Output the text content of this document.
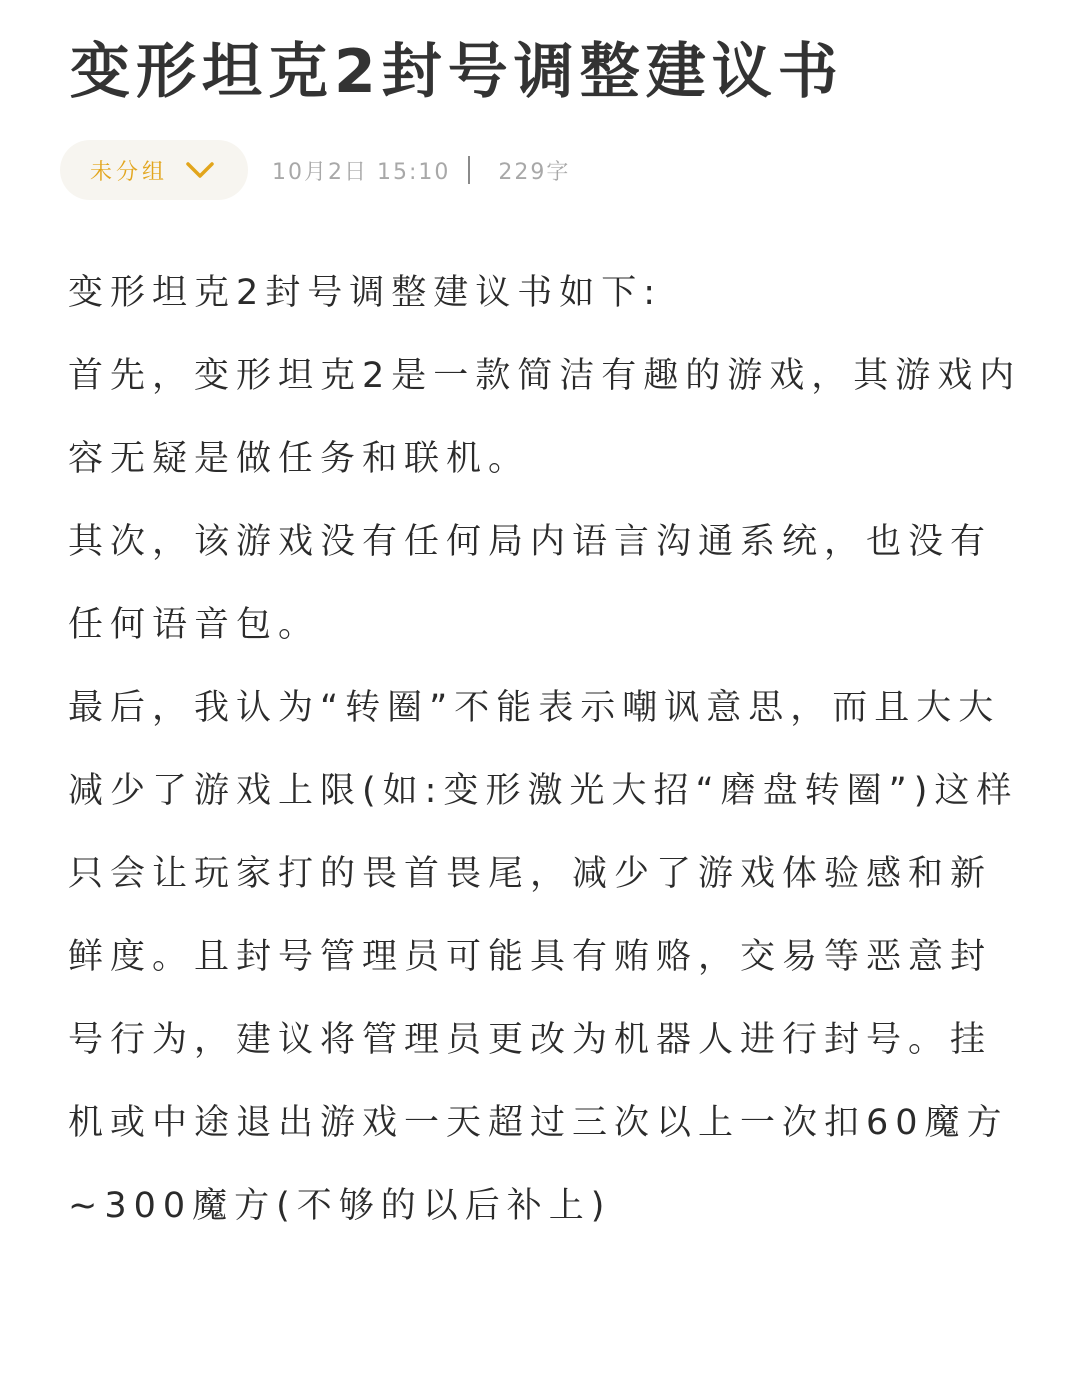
变形坦克2封号调整建议书
未分组	10月2日 15:10 229字

变形坦克2封号调整建议书如下:

首先，变形坦克2是一款简洁有趣的游戏，其游戏内容无疑是做任务和联机。

其次，该游戏没有任何局内语言沟通系统，也没有任何语音包。

最后，我认为“转圈”不能表示嘲讽意思，而且大大减少了游戏上限(如:变形激光大招“磨盘转圈”)这样只会让玩家打的畏首畏尾，减少了游戏体验感和新鲜度。且封号管理员可能具有贿赂，交易等恶意封号行为，建议将管理员更改为机器人进行封号。挂机或中途退出游戏一天超过三次以上一次扣60魔方~300魔方(不够的以后补上)
